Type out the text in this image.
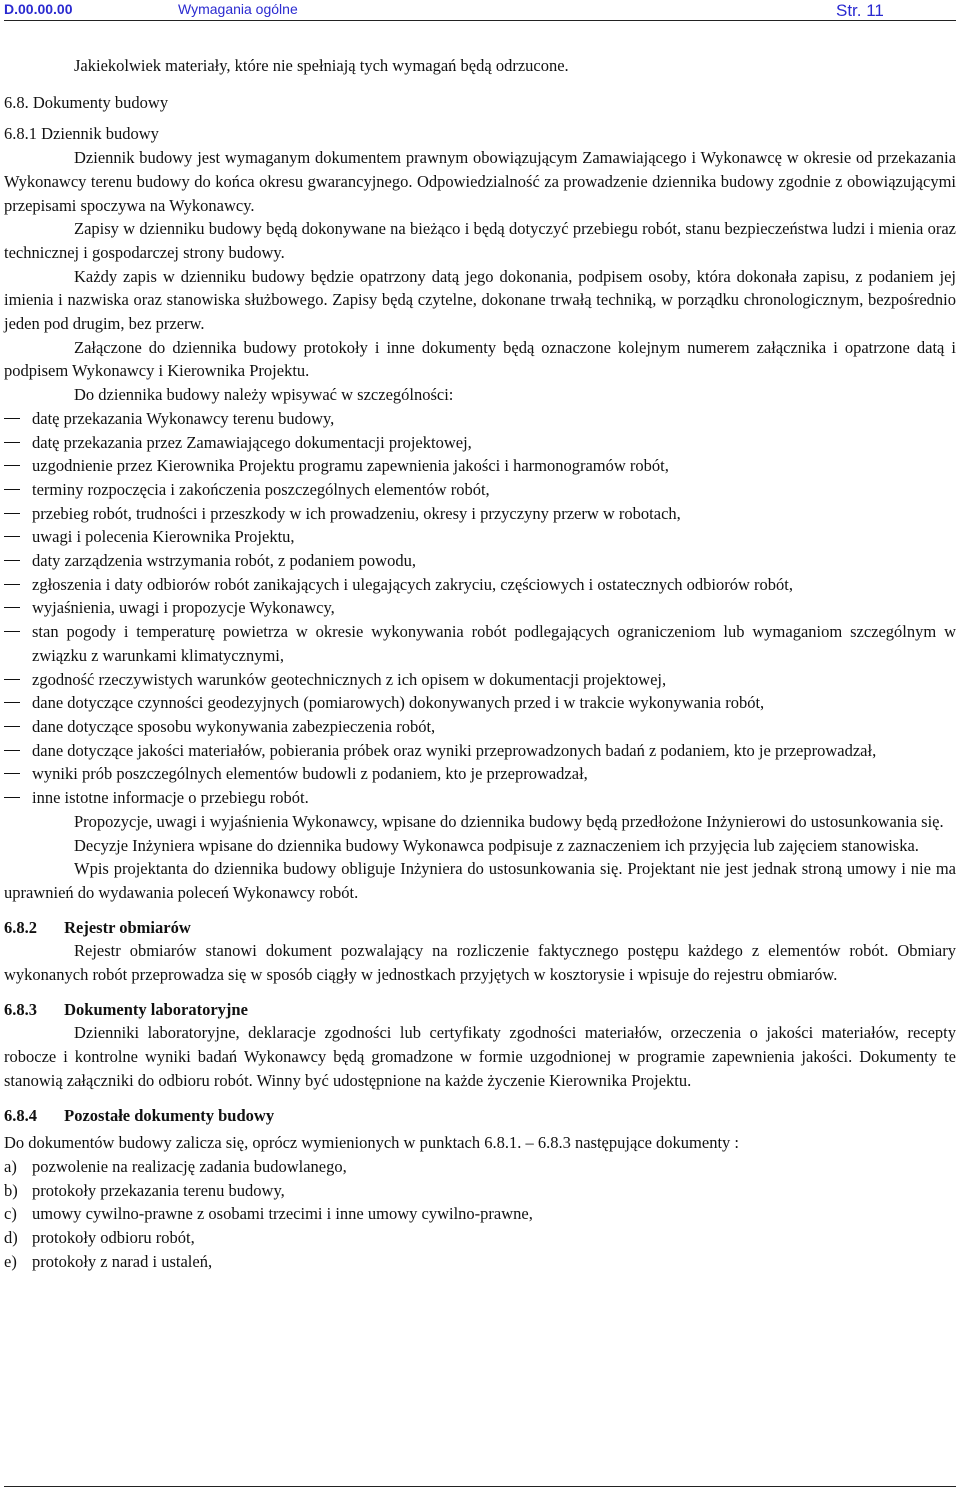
D.00.00.00	Wymagania ogólne	Str. 11

Jakiekolwiek materiały, które nie spełniają tych wymagań będą odrzucone.

6.8. Dokumenty budowy

6.8.1 Dziennik budowy

Dziennik budowy jest wymaganym dokumentem prawnym obowiązującym Zamawiającego i Wykonawcę w okresie od przekazania Wykonawcy terenu budowy do końca okresu gwarancyjnego. Odpowiedzialność za prowadzenie dziennika budowy zgodnie z obowiązującymi przepisami spoczywa na Wykonawcy.

Zapisy w dzienniku budowy będą dokonywane na bieżąco i będą dotyczyć przebiegu robót, stanu bezpieczeństwa ludzi i mienia oraz technicznej i gospodarczej strony budowy.

Każdy zapis w dzienniku budowy będzie opatrzony datą jego dokonania, podpisem osoby, która dokonała zapisu, z podaniem jej imienia i nazwiska oraz stanowiska służbowego. Zapisy będą czytelne, dokonane trwałą techniką, w porządku chronologicznym, bezpośrednio jeden pod drugim, bez przerw.

Załączone do dziennika budowy protokoły i inne dokumenty będą oznaczone kolejnym numerem załącznika i opatrzone datą i podpisem Wykonawcy i Kierownika Projektu.

Do dziennika budowy należy wpisywać w szczególności:

datę przekazania Wykonawcy terenu budowy,
datę przekazania przez Zamawiającego dokumentacji projektowej,
uzgodnienie przez Kierownika Projektu programu zapewnienia jakości i harmonogramów robót,
terminy rozpoczęcia i zakończenia poszczególnych elementów robót,
przebieg robót, trudności i przeszkody w ich prowadzeniu, okresy i przyczyny przerw w robotach,
uwagi i polecenia Kierownika Projektu,
daty zarządzenia wstrzymania robót, z podaniem powodu,
zgłoszenia i daty odbiorów robót zanikających i ulegających zakryciu, częściowych i ostatecznych odbiorów robót,
wyjaśnienia, uwagi i propozycje Wykonawcy,
stan pogody i temperaturę powietrza w okresie wykonywania robót podlegających ograniczeniom lub wymaganiom szczególnym w związku z warunkami klimatycznymi,
zgodność rzeczywistych warunków geotechnicznych z ich opisem w dokumentacji projektowej,
dane dotyczące czynności geodezyjnych (pomiarowych) dokonywanych przed i w trakcie wykonywania robót,
dane dotyczące sposobu wykonywania zabezpieczenia robót,
dane dotyczące jakości materiałów, pobierania próbek oraz wyniki przeprowadzonych badań z podaniem, kto je przeprowadzał,
wyniki prób poszczególnych elementów budowli z podaniem, kto je przeprowadzał,
inne istotne informacje o przebiegu robót.

Propozycje, uwagi i wyjaśnienia Wykonawcy, wpisane do dziennika budowy będą przedłożone Inżynierowi do ustosunkowania się.

Decyzje Inżyniera wpisane do dziennika budowy Wykonawca podpisuje z zaznaczeniem ich przyjęcia lub zajęciem stanowiska.

Wpis projektanta do dziennika budowy obliguje Inżyniera do ustosunkowania się. Projektant nie jest jednak stroną umowy i nie ma uprawnień do wydawania poleceń Wykonawcy robót.

6.8.2 Rejestr obmiarów

Rejestr obmiarów stanowi dokument pozwalający na rozliczenie faktycznego postępu każdego z elementów robót. Obmiary wykonanych robót przeprowadza się w sposób ciągły w jednostkach przyjętych w kosztorysie i wpisuje do rejestru obmiarów.

6.8.3 Dokumenty laboratoryjne

Dzienniki laboratoryjne, deklaracje zgodności lub certyfikaty zgodności materiałów, orzeczenia o jakości materiałów, recepty robocze i kontrolne wyniki badań Wykonawcy będą gromadzone w formie uzgodnionej w programie zapewnienia jakości. Dokumenty te stanowią załączniki do odbioru robót. Winny być udostępnione na każde życzenie Kierownika Projektu.

6.8.4 Pozostałe dokumenty budowy

Do dokumentów budowy zalicza się, oprócz wymienionych w punktach 6.8.1. – 6.8.3 następujące dokumenty :

a) pozwolenie na realizację zadania budowlanego,
b) protokoły przekazania terenu budowy,
c) umowy cywilno-prawne z osobami trzecimi i inne umowy cywilno-prawne,
d) protokoły odbioru robót,
e) protokoły z narad i ustaleń,
